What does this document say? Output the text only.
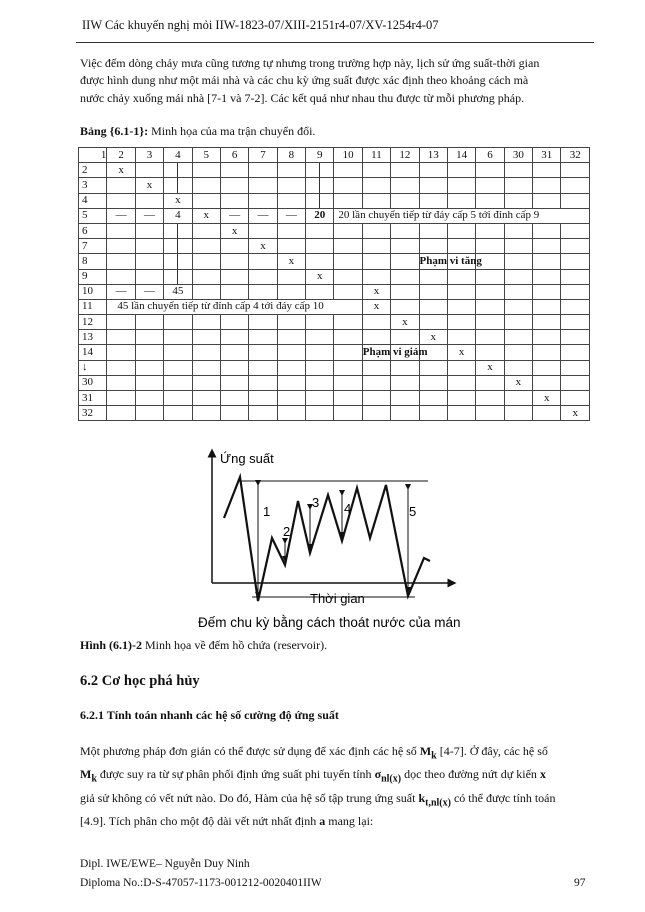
IIW Các khuyến nghị mỏi IIW-1823-07/XIII-2151r4-07/XV-1254r4-07
Việc đếm dòng chảy mưa cũng tương tự nhưng trong trường hợp này, lịch sử ứng suất-thời gian
được hình dung như một mái nhà và các chu kỳ ứng suất được xác định theo khoảng cách mà
nước chảy xuống mái nhà [7-1 và 7-2]. Các kết quả như nhau thu được từ mỗi phương pháp.
Bảng {6.1-1}: Minh họa của ma trận chuyển đổi.
1	2	3	4	5	6	7	8	9	10	11	12	13	14	6	30	31	32
2	x																
3		x															
4			x														
5	—	—	4	x	—	—	—	20	20 lần chuyển tiếp từ đáy cấp 5 tới đỉnh cấp 9								
6					x												
7						x											
8							x					Phạm vi tăng					
9								x									
10	—	—	45							x							
11	45 lần chuyển tiếp từ đỉnh cấp 4 tới đáy cấp 10									x							
12											x						
13												x					
14										Phạm vi giảm			x				
↓														x			
30															x		
31																x	
32																	x
Ứng suất
Thời gian
1
2
3 4	5
Đếm chu kỳ bằng cách thoát nước của máng
Hình (6.1)-2 Minh họa về đếm hồ chứa (reservoir).
6.2 Cơ học phá hủy
6.2.1 Tính toán nhanh các hệ số cường độ ứng suất
Một phương pháp đơn giản có thể được sử dụng để xác định các hệ số $M_k$ [4-7]. Ở đây, các hệ số
$M_k$ được suy ra từ sự phân phối định ứng suất phi tuyến tính $\sigma_{nl(x)}$ dọc theo đường nứt dự kiến x
giả sử không có vết nứt nào. Do đó, Hàm của hệ số tập trung ứng suất $k_{t,nl(x)}$ có thể được tính toán
[4.9]. Tích phân cho một độ dài vết nứt nhất định a mang lại:
Dipl. IWE/EWE– Nguyễn Duy Ninh
Diploma No.:D-S-47057-1173-001212-0020401IIW	97
